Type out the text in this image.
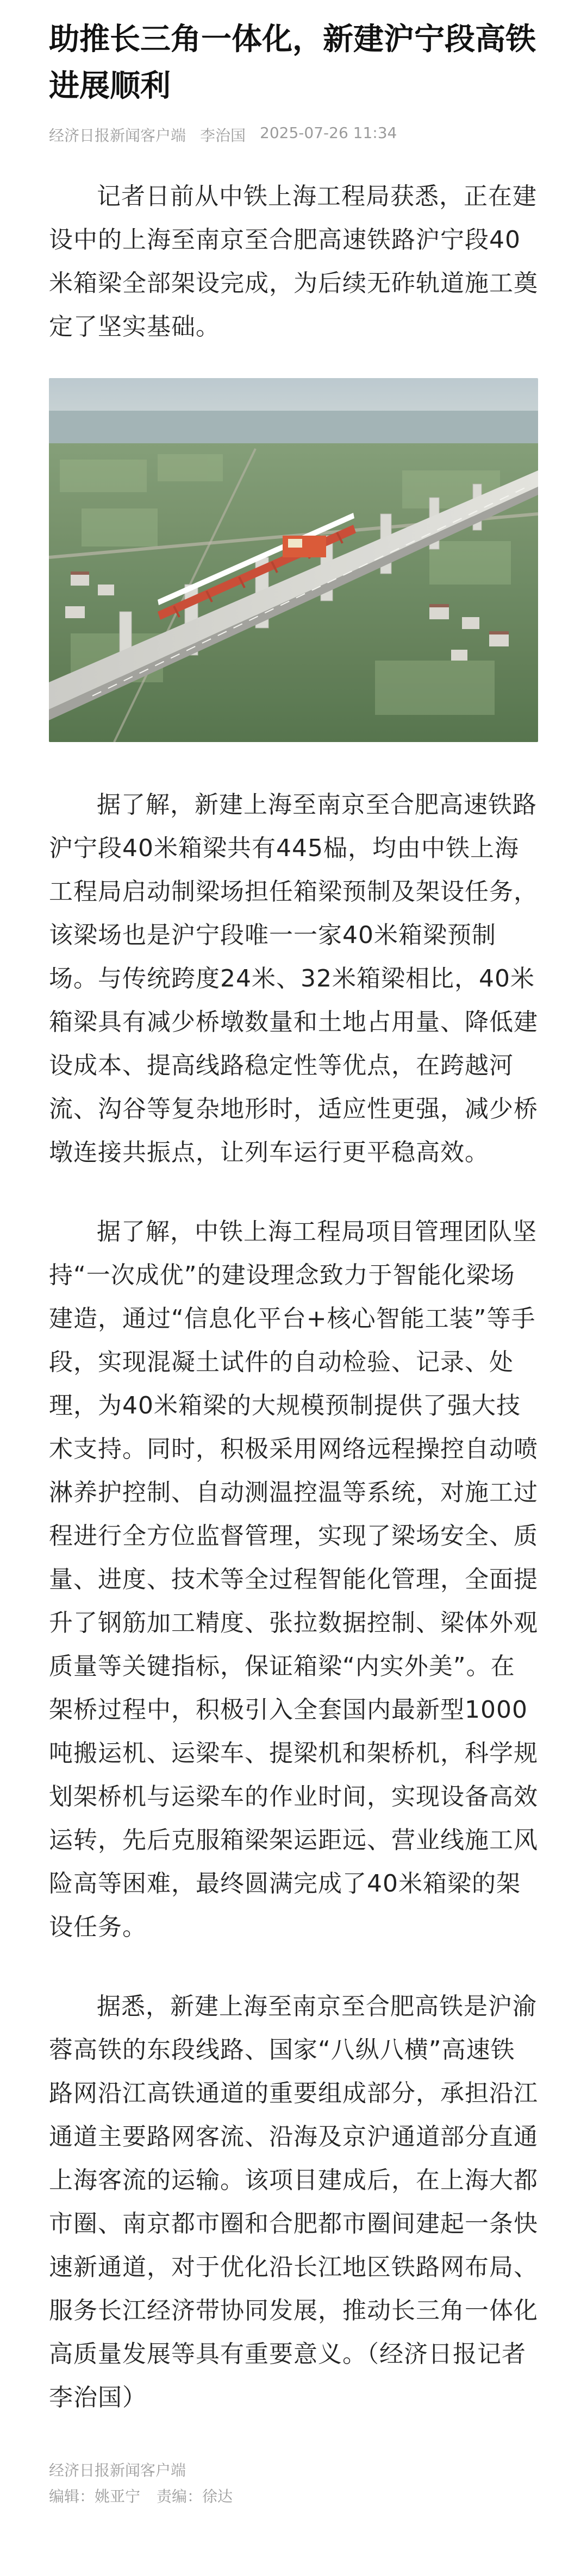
助推长三角一体化，新建沪宁段高铁进展顺利
经济日报新闻客户端 李治国 2025-07-26 11:34

记者日前从中铁上海工程局获悉，正在建设中的上海至南京至合肥高速铁路沪宁段40米箱梁全部架设完成，为后续无砟轨道施工奠定了坚实基础。

据了解，新建上海至南京至合肥高速铁路沪宁段40米箱梁共有445榀，均由中铁上海工程局启动制梁场担任箱梁预制及架设任务，该梁场也是沪宁段唯一一家40米箱梁预制场。与传统跨度24米、32米箱梁相比，40米箱梁具有减少桥墩数量和土地占用量、降低建设成本、提高线路稳定性等优点，在跨越河流、沟谷等复杂地形时，适应性更强，减少桥墩连接共振点，让列车运行更平稳高效。

据了解，中铁上海工程局项目管理团队坚持“一次成优”的建设理念致力于智能化梁场建造，通过“信息化平台+核心智能工装”等手段，实现混凝土试件的自动检验、记录、处理，为40米箱梁的大规模预制提供了强大技术支持。同时，积极采用网络远程操控自动喷淋养护控制、自动测温控温等系统，对施工过程进行全方位监督管理，实现了梁场安全、质量、进度、技术等全过程智能化管理，全面提升了钢筋加工精度、张拉数据控制、梁体外观质量等关键指标，保证箱梁“内实外美”。在架桥过程中，积极引入全套国内最新型1000吨搬运机、运梁车、提梁机和架桥机，科学规划架桥机与运梁车的作业时间，实现设备高效运转，先后克服箱梁架运距远、营业线施工风险高等困难，最终圆满完成了40米箱梁的架设任务。

据悉，新建上海至南京至合肥高铁是沪渝蓉高铁的东段线路、国家“八纵八横”高速铁路网沿江高铁通道的重要组成部分，承担沿江通道主要路网客流、沿海及京沪通道部分直通上海客流的运输。该项目建成后，在上海大都市圈、南京都市圈和合肥都市圈间建起一条快速新通道，对于优化沿长江地区铁路网布局、服务长江经济带协同发展，推动长三角一体化高质量发展等具有重要意义。（经济日报记者李治国）

经济日报新闻客户端
编辑：姚亚宁 责编：徐达
